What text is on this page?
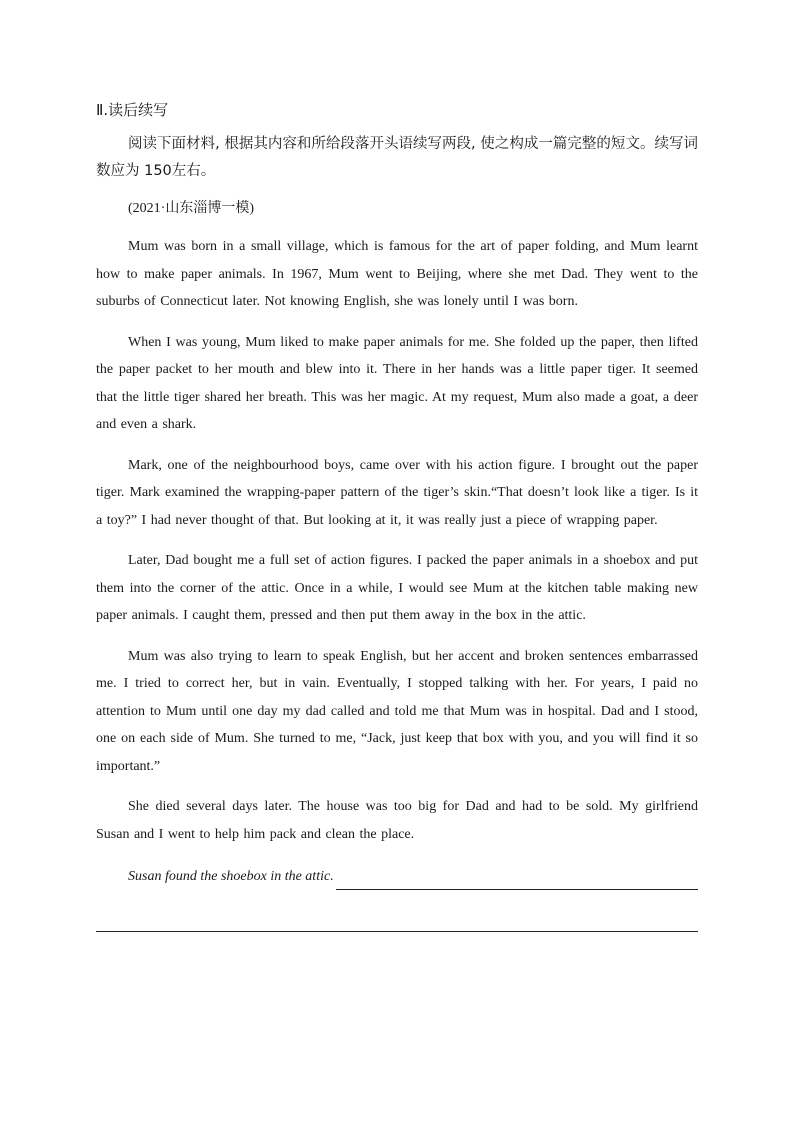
Ⅱ.读后续写

阅读下面材料, 根据其内容和所给段落开头语续写两段, 使之构成一篇完整的短文。续写词数应为 150左右。

(2021·山东淄博一模)

Mum was born in a small village, which is famous for the art of paper folding, and Mum learnt how to make paper animals. In 1967, Mum went to Beijing, where she met Dad. They went to the suburbs of Connecticut later. Not knowing English, she was lonely until I was born.

When I was young, Mum liked to make paper animals for me. She folded up the paper, then lifted the paper packet to her mouth and blew into it. There in her hands was a little paper tiger. It seemed that the little tiger shared her breath. This was her magic. At my request, Mum also made a goat, a deer and even a shark.

Mark, one of the neighbourhood boys, came over with his action figure. I brought out the paper tiger. Mark examined the wrapping-paper pattern of the tiger’s skin.“That doesn’t look like a tiger. Is it a toy?” I had never thought of that. But looking at it, it was really just a piece of wrapping paper.

Later, Dad bought me a full set of action figures. I packed the paper animals in a shoebox and put them into the corner of the attic. Once in a while, I would see Mum at the kitchen table making new paper animals. I caught them, pressed and then put them away in the box in the attic.

Mum was also trying to learn to speak English, but her accent and broken sentences embarrassed me. I tried to correct her, but in vain. Eventually, I stopped talking with her. For years, I paid no attention to Mum until one day my dad called and told me that Mum was in hospital. Dad and I stood, one on each side of Mum. She turned to me, “Jack, just keep that box with you, and you will find it so important.”

She died several days later. The house was too big for Dad and had to be sold. My girlfriend Susan and I went to help him pack and clean the place.

Susan found the shoebox in the attic.
